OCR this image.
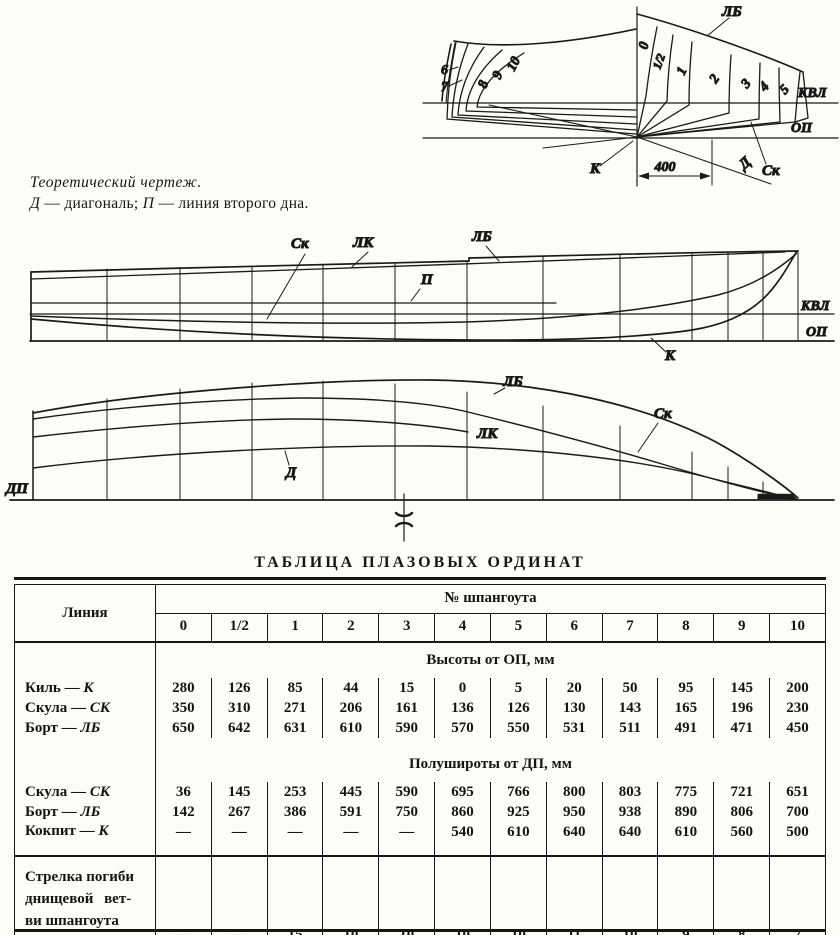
ЛБ
КВЛ
ОП
К	400	Д Ск
6
7 8
9
10
0
1/2
1
2 3 4 5
Ск	ЛК	ЛБ
П
КВЛ
ОП
К
ЛБ
Ск
ЛК
Д
ДП
Теоретический чертеж.
Д — диагональ; П — линия второго дна.
ТАБЛИЦА ПЛАЗОВЫХ ОРДИНАТ
Линия	№ шпангоута											
	0	1/2	1	2	3	4	5	6	7	8	9	10
	Высоты от ОП, мм											
Киль — К	280	126	85	44	15	0	5	20	50	95	145	200
Скула — СК	350	310	271	206	161	136	126	130	143	165	196	230
Борт — ЛБ	650	642	631	610	590	570	550	531	511	491	471	450
	Полушироты от ДП, мм											
Скула — СК	36	145	253	445	590	695	766	800	803	775	721	651
Борт — ЛБ	142	267	386	591	750	860	925	950	938	890	806	700
Кокпит — К	—	—	—	—	—	540	610	640	640	610	560	500

Стрелка погиби
днищевой вет-
ви шпангоута
